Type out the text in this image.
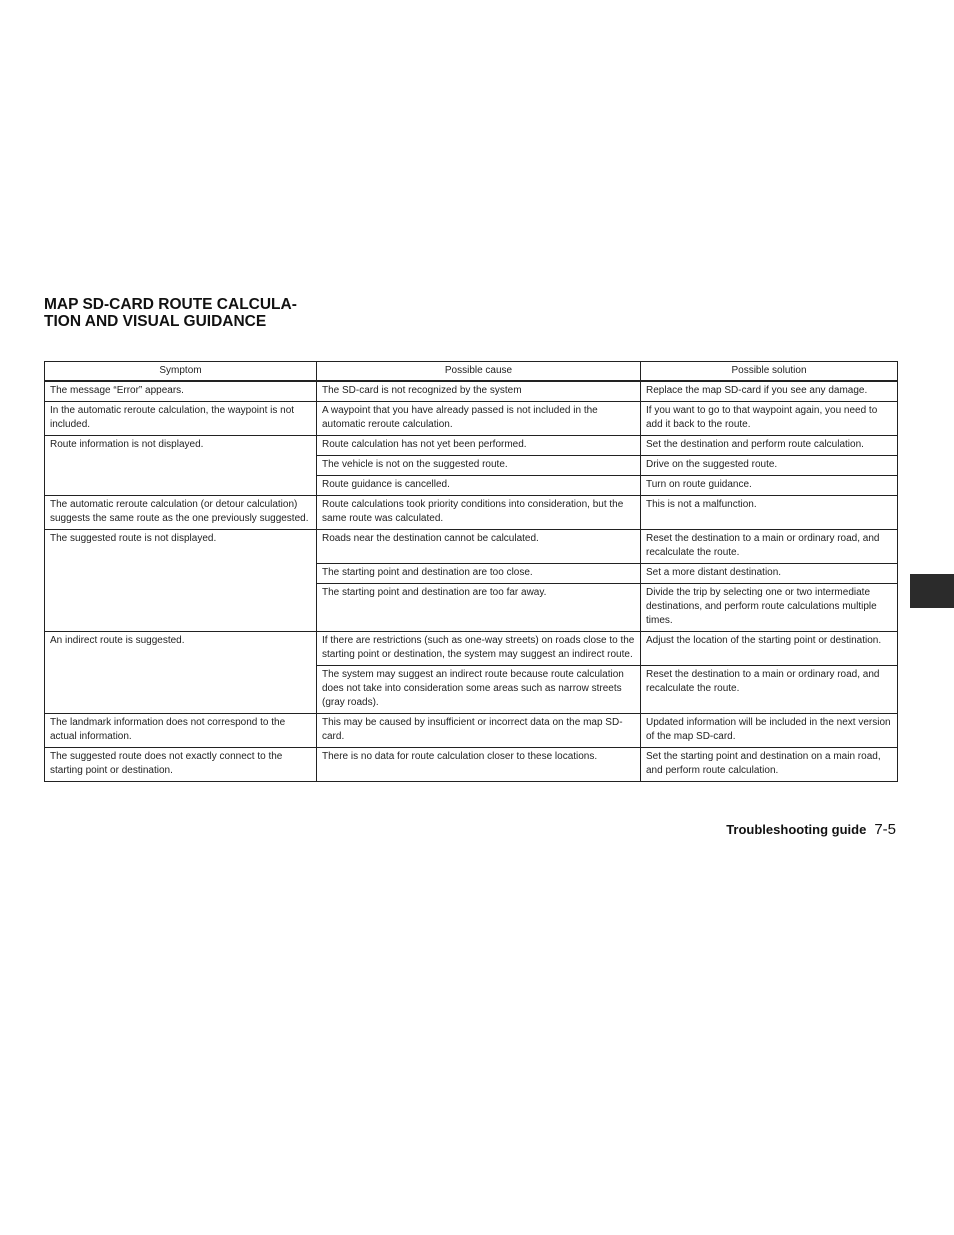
MAP SD-CARD ROUTE CALCULA-
TION AND VISUAL GUIDANCE
Symptom	Possible cause	Possible solution
The message “Error” appears.	The SD-card is not recognized by the system	Replace the map SD-card if you see any damage.
In the automatic reroute calculation, the waypoint is not included.	A waypoint that you have already passed is not included in the automatic reroute calculation.	If you want to go to that waypoint again, you need to add it back to the route.
Route information is not displayed.	Route calculation has not yet been performed.	Set the destination and perform route calculation.
	The vehicle is not on the suggested route.	Drive on the suggested route.
	Route guidance is cancelled.	Turn on route guidance.
The automatic reroute calculation (or detour calculation) suggests the same route as the one previously suggested.	Route calculations took priority conditions into consideration, but the same route was calculated.	This is not a malfunction.
The suggested route is not displayed.	Roads near the destination cannot be calculated.	Reset the destination to a main or ordinary road, and recalculate the route.
	The starting point and destination are too close.	Set a more distant destination.
	The starting point and destination are too far away.	Divide the trip by selecting one or two intermediate destinations, and perform route calculations multiple times.
An indirect route is suggested.	If there are restrictions (such as one-way streets) on roads close to the starting point or destination, the system may suggest an indirect route.	Adjust the location of the starting point or destination.
	The system may suggest an indirect route because route calculation does not take into consideration some areas such as narrow streets (gray roads).	Reset the destination to a main or ordinary road, and recalculate the route.
The landmark information does not correspond to the actual information.	This may be caused by insufficient or incorrect data on the map SD-card.	Updated information will be included in the next version of the map SD-card.
The suggested route does not exactly connect to the starting point or destination.	There is no data for route calculation closer to these locations.	Set the starting point and destination on a main road, and perform route calculation.
Troubleshooting guide 7-5
